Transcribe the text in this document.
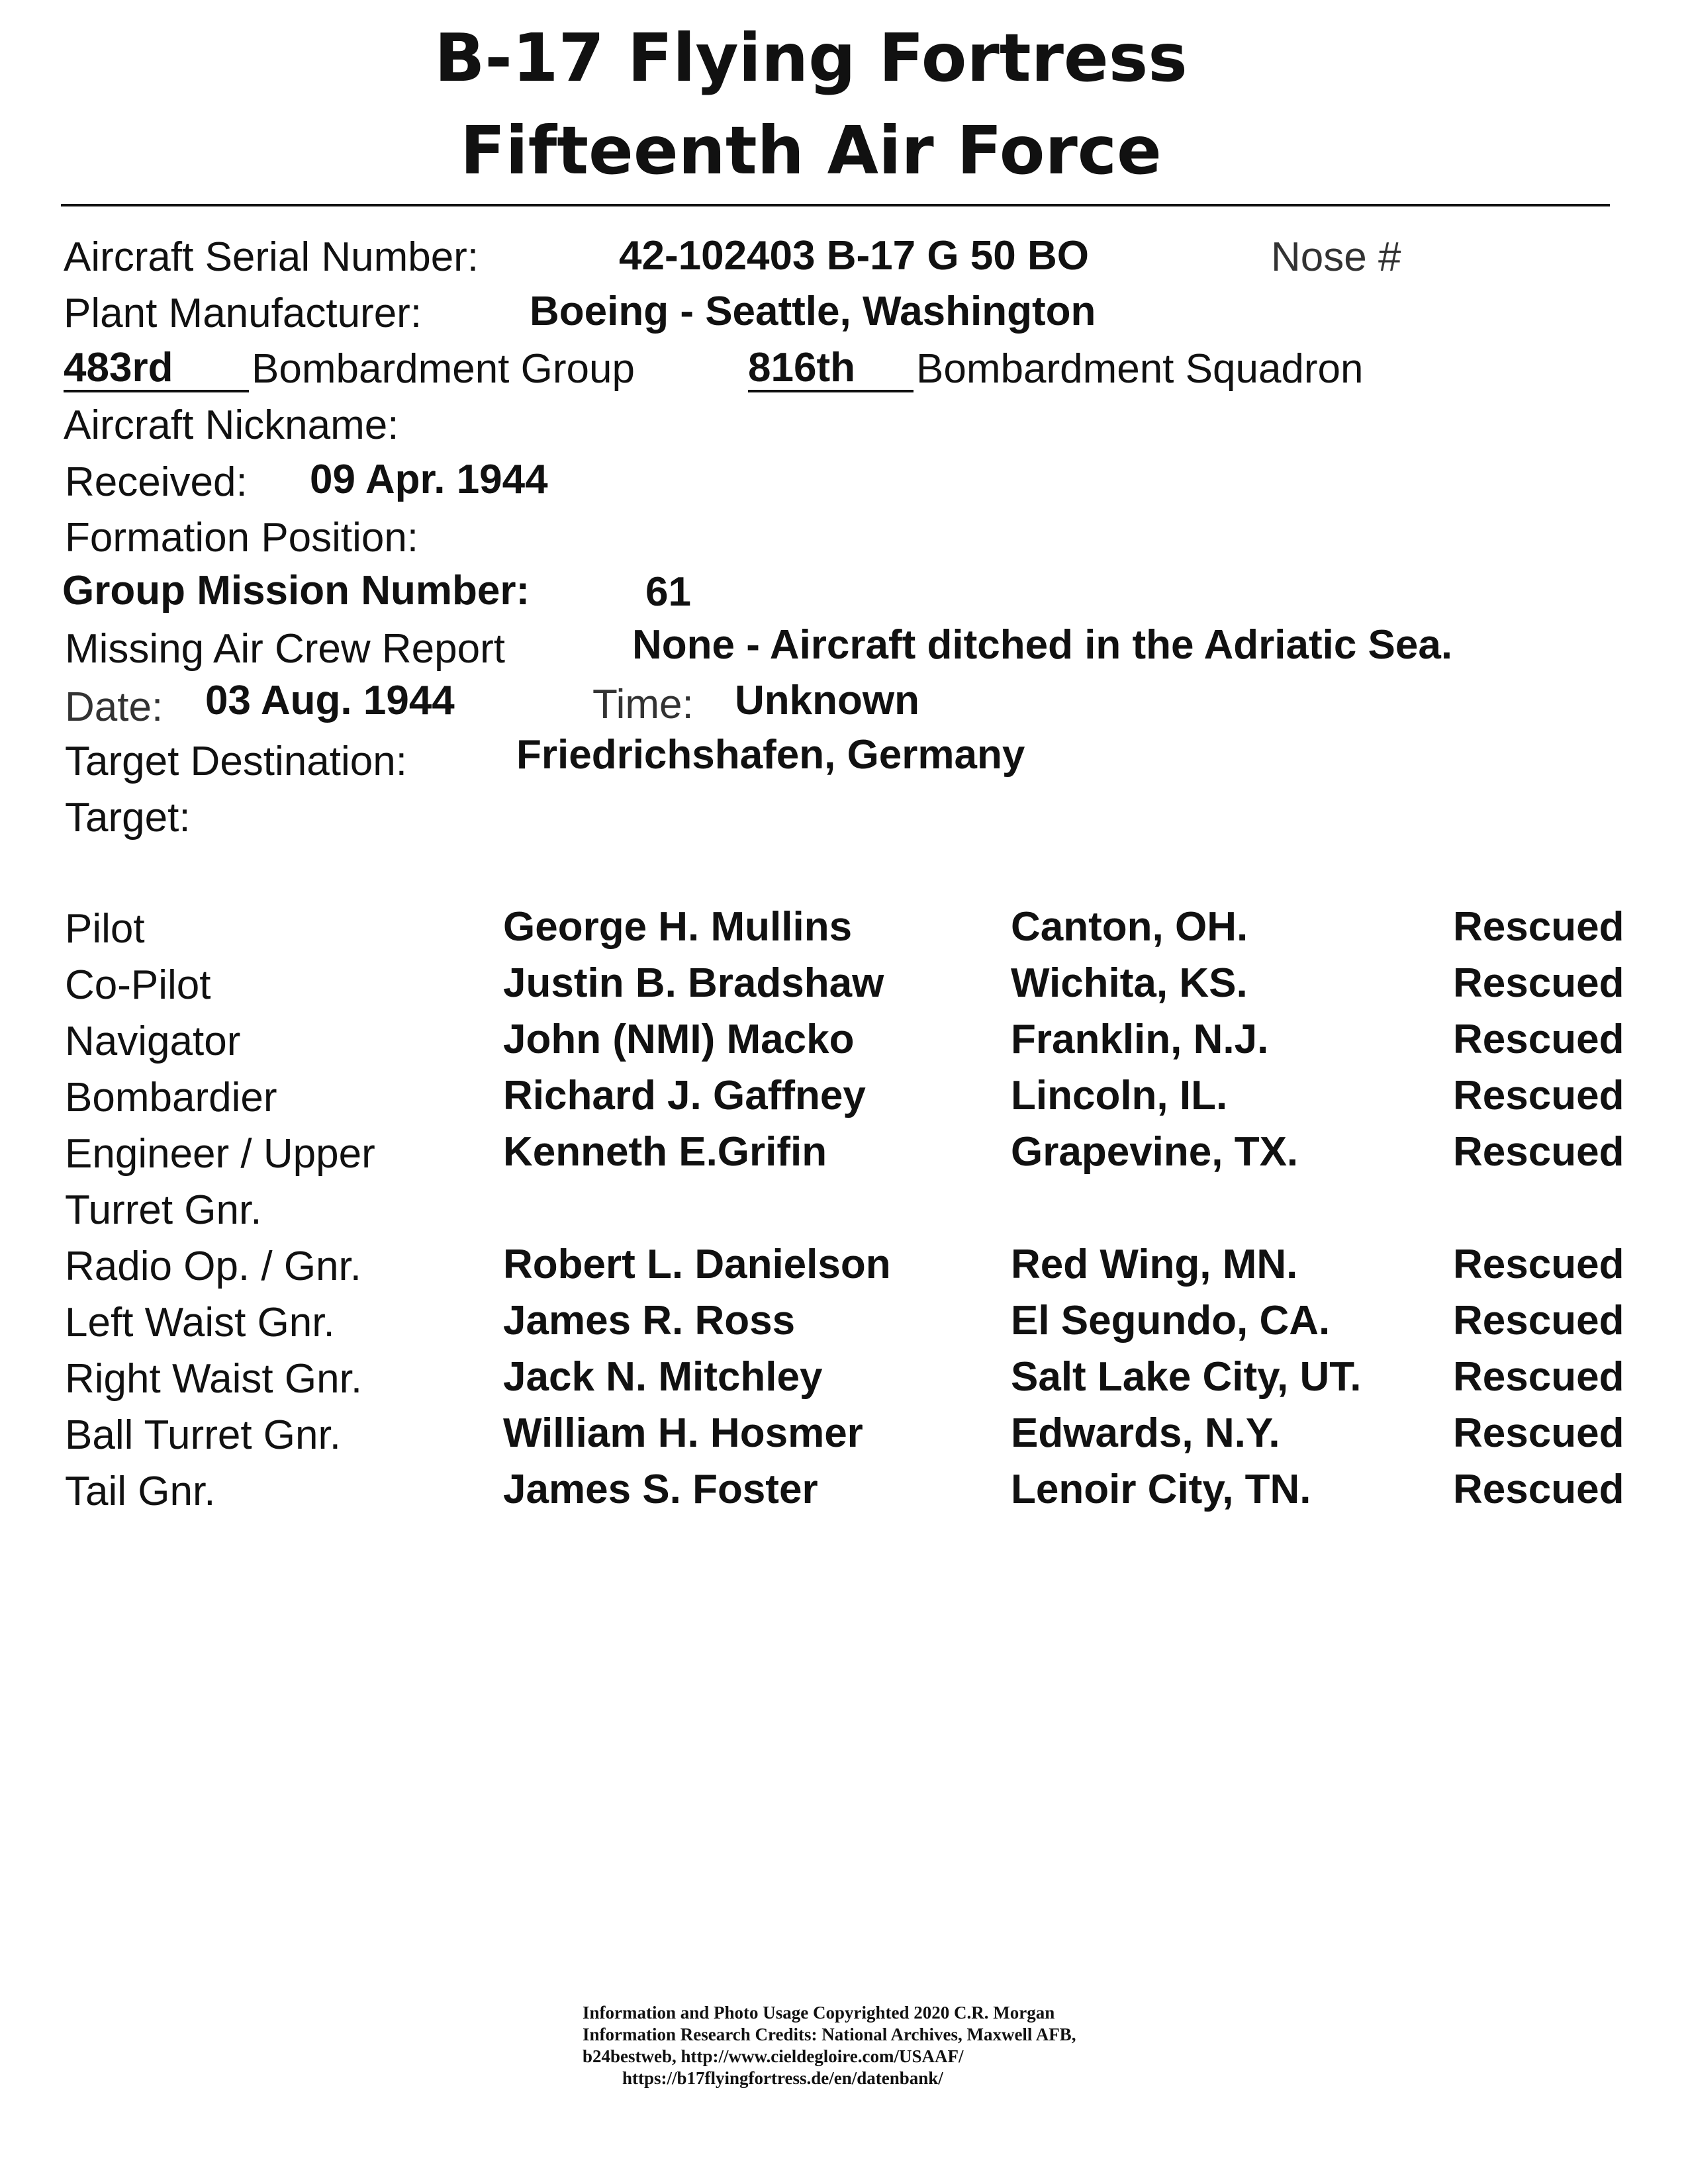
B-17 Flying Fortress
Fifteenth Air Force
Aircraft Serial Number:	42-102403 B-17 G 50 BO	Nose #
Plant Manufacturer:	Boeing - Seattle, Washington
483rd	Bombardment Group	816th	Bombardment Squadron
Aircraft Nickname:
Received: 09 Apr. 1944
Formation Position:
Group Mission Number:	61
Missing Air Crew Report	None - Aircraft ditched in the Adriatic Sea.
Date: 03 Aug. 1944	Time: Unknown
Target Destination:	Friedrichshafen, Germany
Target:
Pilot	George H. Mullins	Canton, OH.	Rescued
Co-Pilot	Justin B. Bradshaw	Wichita, KS.	Rescued
Navigator	John (NMI) Macko	Franklin, N.J.	Rescued
Bombardier	Richard J. Gaffney	Lincoln, IL.	Rescued
Engineer / Upper
Turret Gnr.
Kenneth E.Grifin	Grapevine, TX.	Rescued
Radio Op. / Gnr.	Robert L. Danielson	Red Wing, MN.	Rescued
Left Waist Gnr.	James R. Ross	El Segundo, CA.	Rescued
Right Waist Gnr.	Jack N. Mitchley	Salt Lake City, UT. Rescued
Ball Turret Gnr.	William H. Hosmer	Edwards, N.Y.	Rescued
Tail Gnr.	James S. Foster	Lenoir City, TN.	Rescued
Information and Photo Usage Copyrighted 2020 C.R. Morgan
Information Research Credits: National Archives, Maxwell AFB,
b24bestweb, http://www.cieldegloire.com/USAAF/
https://b17flyingfortress.de/en/datenbank/
